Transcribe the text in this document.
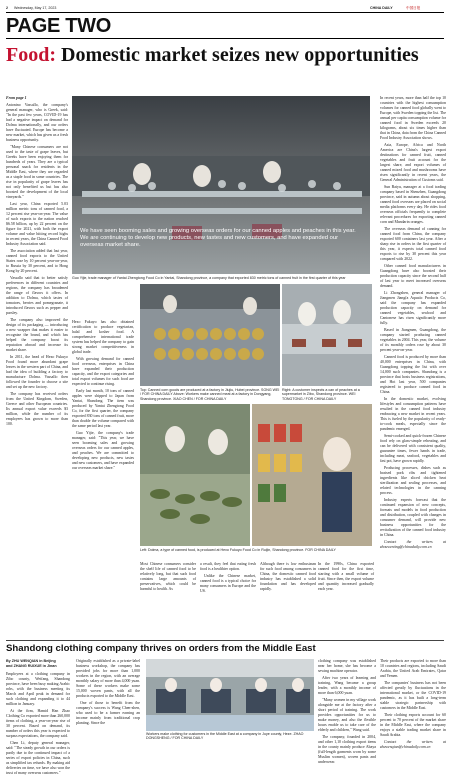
2 Wednesday, May 17, 2023	CHINA DAILY	中国日报
PAGE TWO
Food: Domestic market seizes new opportunities
From page 1

Antonino Vassallo, the company's general manager, who is Greek, said: "In the past few years, COVID-19 has had a negative impact on demand for Dolma internationally, and our orders have fluctuated. Europe has become a new market, which has given us a fresh business opportunity.

"Many Chinese consumers are not used to the taste of grape leaves, but Greeks have been enjoying them for hundreds of years. They are a typical personal snack for residents in the Middle East, where they are regarded as a staple food in some countries. The rise in popularity of grape leaves has not only benefited us but has also boosted the development of the local vineyards."

Last year, China exported 5.03 million metric tons of canned food, a 12 percent rise year-on-year. The value of such exports to the nation reached $6.58 billion, up by 22 percent on the figure for 2021, with both the export volume and value hitting record highs in recent years, the China Canned Food Industry Association said.

The association added that last year, canned food exports to the United States rose by 10 percent year-on-year, to Russia by 30 percent, and to Hong Kong by 20 percent.

Vassallo said that to better satisfy preferences in different countries and regions, the company has broadened the range of flavors it offers. In addition to Dolma, which tastes of tomatoes, berries and pomegranate, it introduced flavors such as pepper and parsley.

The company also improved the design of its packaging — introducing a new wrapper that makes it easier to recognize the brand, and which has helped the company boost its reputation abroad and increase its market share.

In 2011, the head of Hexo Fukuyo Food found more abundant grape leaves in the western part of China, and had the idea of building a factory to manufacture Dolma. Vassallo then followed the founder to choose a site and set up the new factory.

The company has received orders from the United Kingdom, Sweden, Greece and other European countries. Its annual export value exceeds $3 million, while the number of its employees has grown to more than 100.

Hexo Fukuyo has also obtained certification to produce vegetarian, halal and kosher food. A comprehensive international trade system has helped the company to gain strong market competitiveness in global trade.

With growing demand for canned food overseas, enterprises in China have expanded their production capacity, and the export categories and total export volumes for such food are expected to continue rising.

Early last month, 10 tons of canned apples were shipped to Japan from Yantai, Shandong. The item was produced by Yantai Zhengtong Food Co, for the first quarter, the company exported 830 tons of canned fruit, more than double the volume compared with the same period last year.

Guo Yijie, the company's trade manager, said: "This year, we have seen booming sales and growing overseas orders for our canned apples, and peaches. We are committed to developing new products, new tastes and new customers, and have expanded our overseas market share."

We have seen booming sales and growing overseas orders for our canned apples and peaches in this year. We are continuing to develop new products, new tastes and new customers, and have expanded our overseas market share.
Guo Yijie, trade manager of Yantai Zhengtong Food Co in Yantai, Shandong province, a company that exported 830 metric tons of canned fruit in the first quarter of this year

In recent years, more than half the top 10 countries with the highest consumption volumes for canned food globally went to Europe, with Sweden topping the list. The annual per capita consumption volume for canned food in Sweden exceeds 20 kilograms, about six times higher than that in China, data from the China Canned Food Industry Association shows.

Asia, Europe, Africa and North America are China's largest export destinations for canned fruit, canned vegetables and fruit account for the largest share, and export volumes of canned mixed food and mushrooms have risen significantly in recent years, the General Administration of Customs said.

Sun Baiyu, manager at a food trading company based in Shenzhen, Guangdong province, said in autumn about shopping, canned food overseas are placed on social media platforms every day. He rides food overseas officials frequently to complete relevant procedures for exporting canned corn and Mandarin oranges.

The overseas demand of canning for canned food from China, the company exported 600 containers last year. After a sharp rise in orders in the first quarter of this year, it expects total canned food exports to rise by 30 percent this year compared with 2022.

Other canned food manufacturers in Guangdong have also boosted their production capacity since the second half of last year to meet increased overseas demand.

Li Zhongzhen, general manager of Jiangmen Jiangfa Aquatic Products Co, said the company has expanded production capacity on demand for canned vegetables, seafood and Cantonese has risen significantly more fully.

Based in Jiangmen, Guangdong, the company started producing canned vegetables in 2004. This year, the volume of its monthly orders rose by about 30 percent year-on-year.

Canned food is produced by more than 40,000 enterprises in China, with Guangdong topping the list with over 14,000 such companies. Shandong is a province that hosts business registrations, and Hot last year, 500 companies registered to produce canned food in China.

In the domestic market, evolving lifestyles and consumption patterns have resulted in the canned food industry embracing a new market in recent years. This is fueled by the popularity of ready-to-cook meals, especially since the pandemic emerged.

Semi-cooked and quick-frozen Chinese food rely on glass-simple reheating, and can be delivered with consistent quality, guarantee times, fewer hands in trade, including meat, seafood, vegetables and fast pot, have grown rapidly.

Producing processes, dishes such as braised pork ribs and tightened ingredients like sliced chicken heat sterilization and sealing processes, and related technologies in the canning process.

Industry experts forecast that the continued expansion of new concepts, formats and models in food production and distribution, coupled with changes in consumer demand, will provide new business opportunities for the revitalization of the canned food industry in China.

Contact the writers at zhouwenting@chinadaily.com.cn

Top: Canned corn goods are produced at a factory in Jiujiu, Hubei province. SONG WEI / FOR CHINA DAILY Above: Workers make canned meat at a factory in Dongyang, Shandong province. XIAO CHEN / FOR CHINA DAILY
Right: A customer inspects a can of peaches at a supermarket in Zibo, Shandong province. WEI TONGTONG / FOR CHINA DAILY
Left: Dolma, a type of canned food, is produced at Hexo Fukuyo Food Co in Ruijin, Shandong province. FOR CHINA DAILY

Most Chinese consumers consider the shelf life of canned food to be relatively long, but that such food contains large amounts of preservatives, which could be harmful to health. As

a result, they feel that eating fresh food is a healthier option.

Unlike the Chinese market, canned food is a typical choice for many consumers in Europe and the US.

Although there is low enthusiasm for such food among consumers in China, the domestic canned food industry has established a solid foundation and has developed rapidly.

In the 1990s, China exported canned food for the first time, starting with a small volume of fruit. Since then, the export volume and quantity increased gradually each year.

Shandong clothing company thrives on orders from the Middle East
By ZHU WENQIAN in Beijing
and ZHANG RUIXUE in Jinan

Employees at a clothing company in Zibo county, Weifang, Shandong province, have been busy making Arabic robs, with the business meeting its March and April peak in demand for such clothing and expanding it to 44 million in January.

At the firm, Hamid Han Zhao Clothing Co exported more than 260,000 items of clothing, a year-on-year rise of 30 percent. Based on demand, its number of orders this year is expected to surpass expectations, the company said.

Chen Li, deputy general manager, said: "The steady growth in our orders is partly due to the continued impact of a series of export policies in China, such as simplified tax refunds. By making aid deliveries on time, we have also won the trust of many overseas customers."

Originally established as a private-label business workshop, the company has provided jobs for more than 1,000 workers in the region, with an average monthly salary of more than 4,000 yuan. Some of these workers make some 15,000 woven pants, with all the products exported to the Middle East.

One of those to benefit from the company's success is Wang Chen-zhen, who used to be a farmer earning an income mainly from traditional crop planting. Since the

Workers make clothing for customers in the Middle East at a company in Juye county, Heze. ZHAO DONGSHENG / FOR CHINA DAILY

clothing company was established near her home, she has become a sewing machine operator.

After two years of learning and training, Wang became a group leader, with a monthly income of more than 6,000 yuan.

"Many women in my village work alongside me at the factory after a short period of training. The work provides opportunities for us to make money, and also the flexible hours enable us to take care of the elderly and children," Wang said.

The company, founded in 2004, and other 1,10 clothing export items in the county mainly produce Abaya (full-length garments worn by some Muslim women), woven pants and underwear.

Their products are exported to more than 10 countries and regions, including Saudi Arabia, the United Arab Emirates, Qatar and Yemen.

The companies' business has not been affected greatly by fluctuations in the international market, or the COVID-19 pandemic, as it has built a long-term stable strategic partnership with customers in the Middle East.

Their clothing exports account for 60 percent to 70 percent of the market share in the Middle East, where the company enjoys a stable trading market share in Saudi Arabia.

Contact the writers at zhuwenqian@chinadaily.com.cn
